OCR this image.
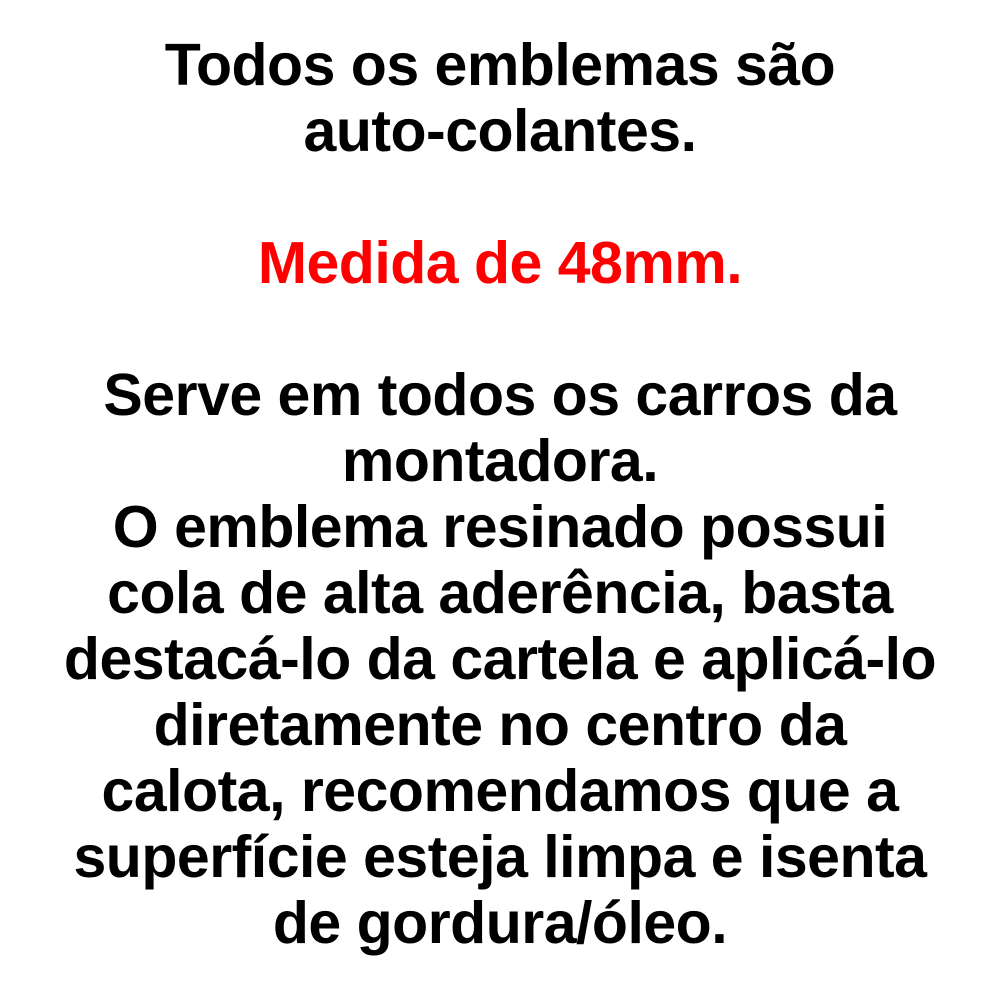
Todos os emblemas são
auto-colantes.
Medida de 48mm.
Serve em todos os carros da
montadora.
O emblema resinado possui
cola de alta aderência, basta
destacá-lo da cartela e aplicá-lo
diretamente no centro da
calota, recomendamos que a
superfície esteja limpa e isenta
de gordura/óleo.
